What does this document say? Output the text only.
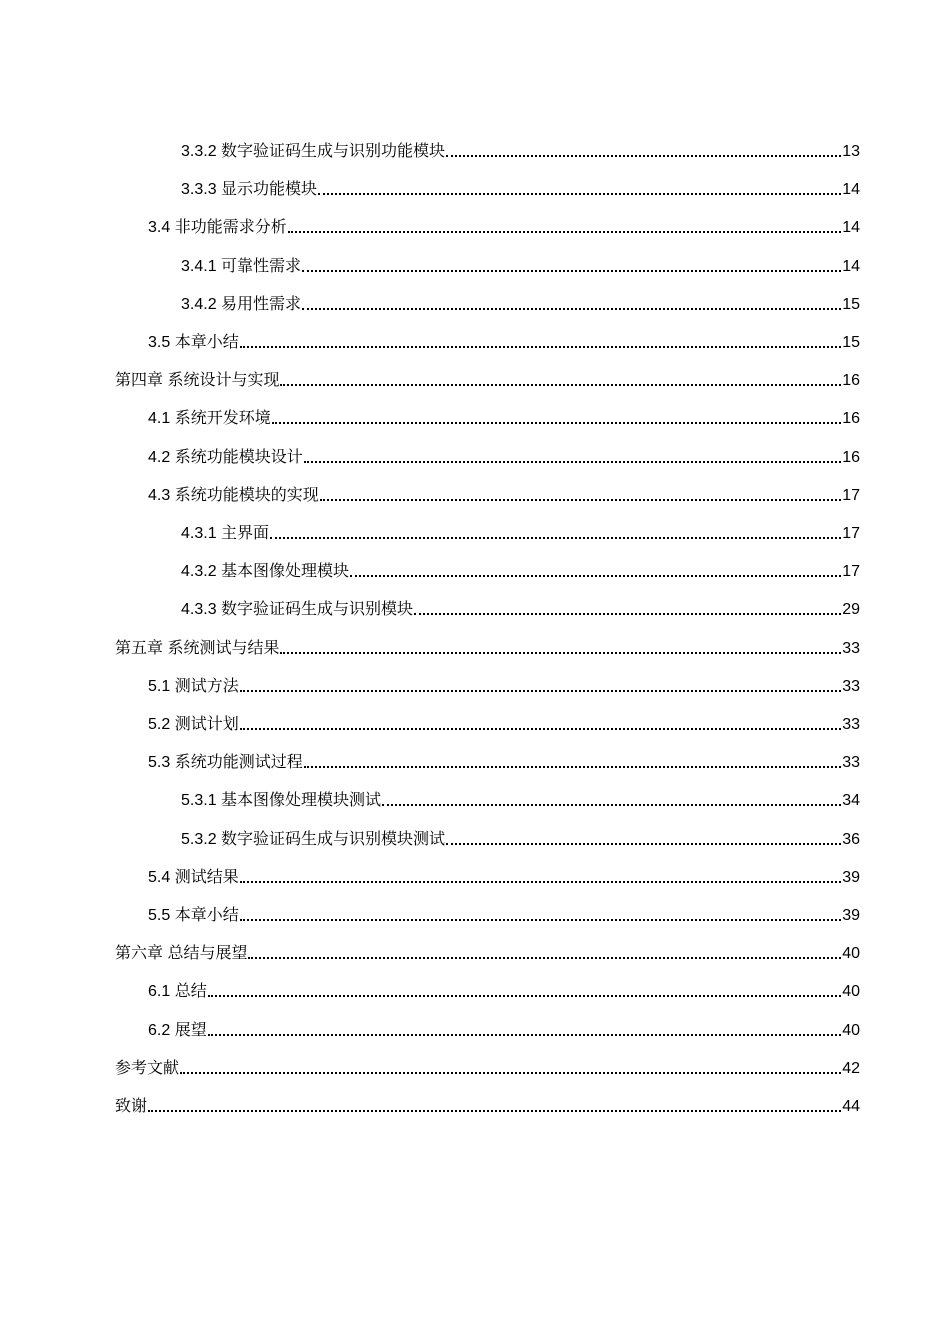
3.3.2 数字验证码生成与识别功能模块	13
3.3.3 显示功能模块	14
3.4 非功能需求分析	14
3.4.1 可靠性需求	14
3.4.2 易用性需求	15
3.5 本章小结	15
第四章 系统设计与实现	16
4.1 系统开发环境	16
4.2 系统功能模块设计	16
4.3 系统功能模块的实现	17
4.3.1 主界面	17
4.3.2 基本图像处理模块	17
4.3.3 数字验证码生成与识别模块	29
第五章 系统测试与结果	33
5.1 测试方法	33
5.2 测试计划	33
5.3 系统功能测试过程	33
5.3.1 基本图像处理模块测试	34
5.3.2 数字验证码生成与识别模块测试	36
5.4 测试结果	39
5.5 本章小结	39
第六章 总结与展望	40
6.1 总结	40
6.2 展望	40
参考文献	42
致谢	44
